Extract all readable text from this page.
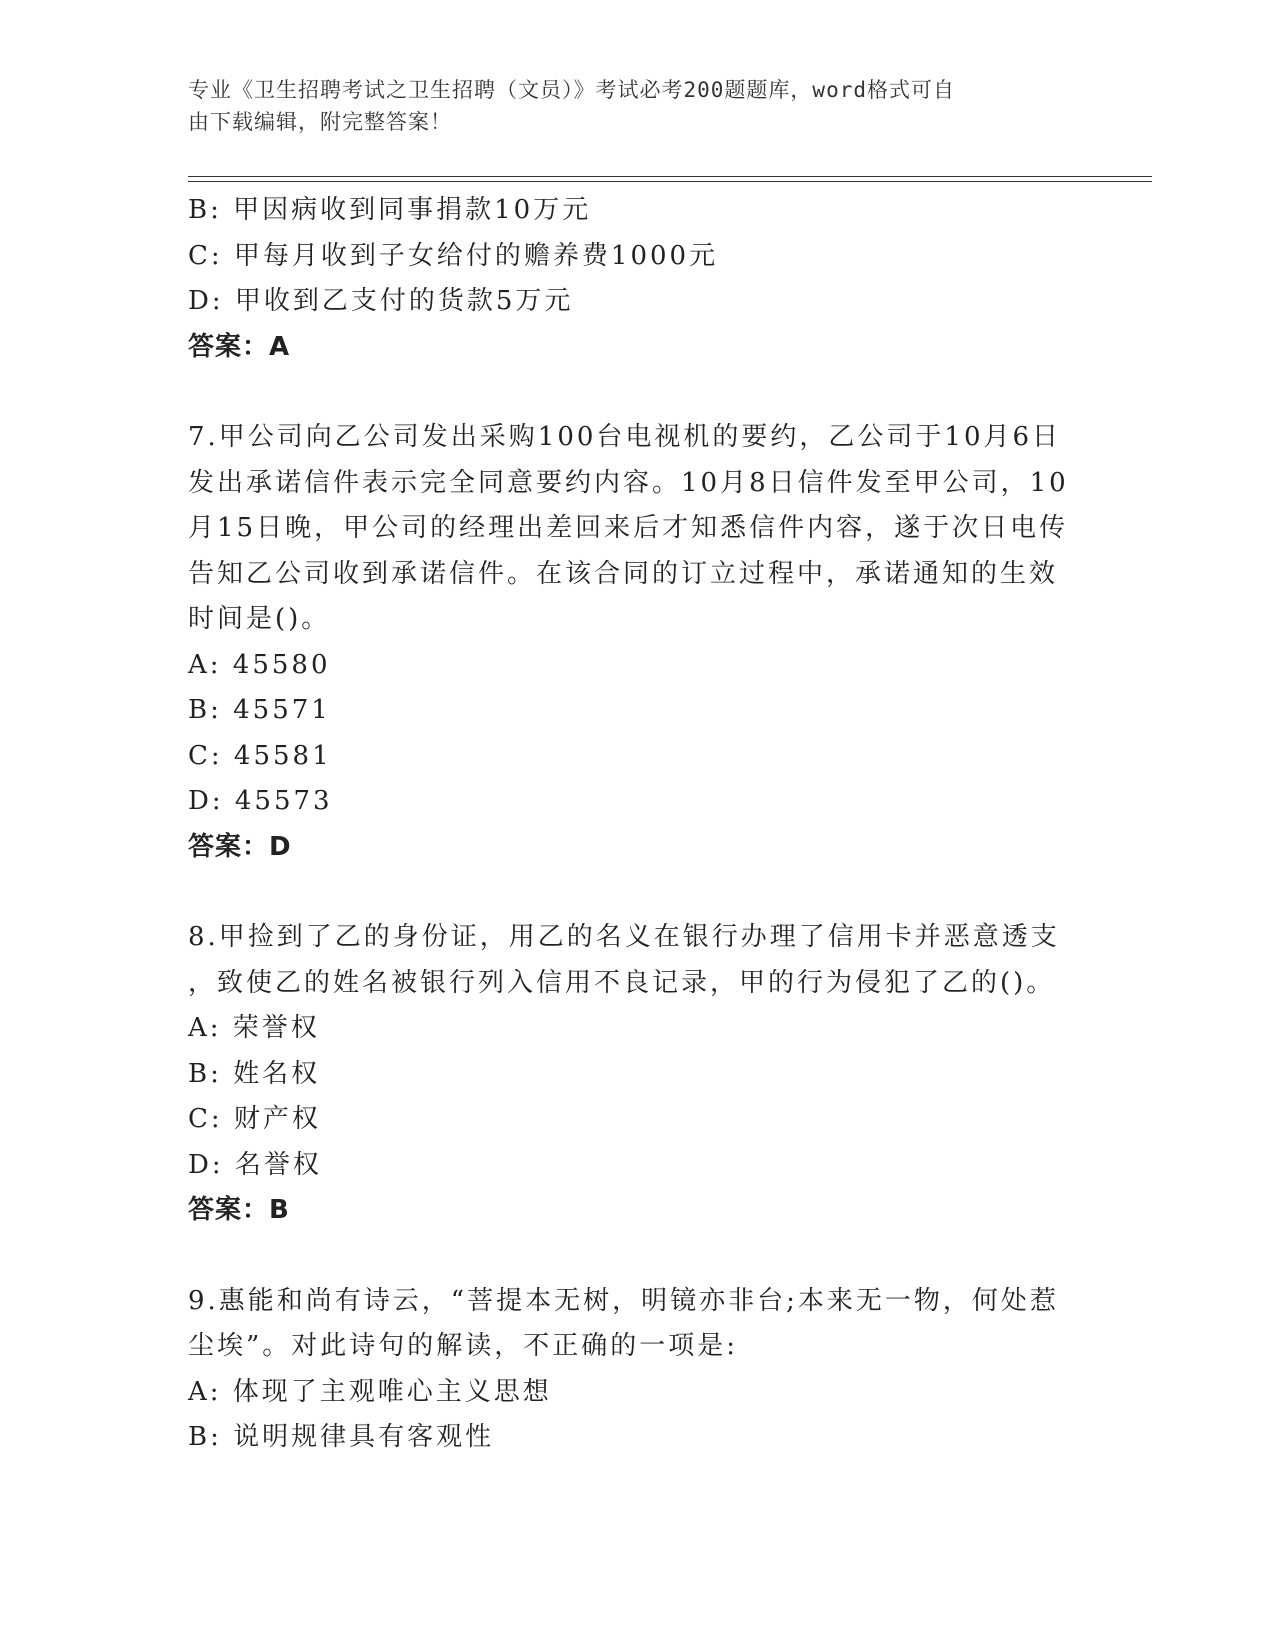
专业《卫生招聘考试之卫生招聘（文员）》考试必考200题题库，word格式可自
由下载编辑，附完整答案！
B: 甲因病收到同事捐款10万元
C: 甲每月收到子女给付的赡养费1000元
D: 甲收到乙支付的货款5万元
答案：A
7.甲公司向乙公司发出采购100台电视机的要约，乙公司于10月6日
发出承诺信件表示完全同意要约内容。10月8日信件发至甲公司，10
月15日晚，甲公司的经理出差回来后才知悉信件内容，遂于次日电传
告知乙公司收到承诺信件。在该合同的订立过程中，承诺通知的生效
时间是()。
A: 45580
B: 45571
C: 45581
D: 45573
答案：D
8.甲捡到了乙的身份证，用乙的名义在银行办理了信用卡并恶意透支
，致使乙的姓名被银行列入信用不良记录，甲的行为侵犯了乙的()。
A: 荣誉权
B: 姓名权
C: 财产权
D: 名誉权
答案：B
9.惠能和尚有诗云，“菩提本无树，明镜亦非台;本来无一物，何处惹
尘埃”。对此诗句的解读，不正确的一项是:
A: 体现了主观唯心主义思想
B: 说明规律具有客观性
